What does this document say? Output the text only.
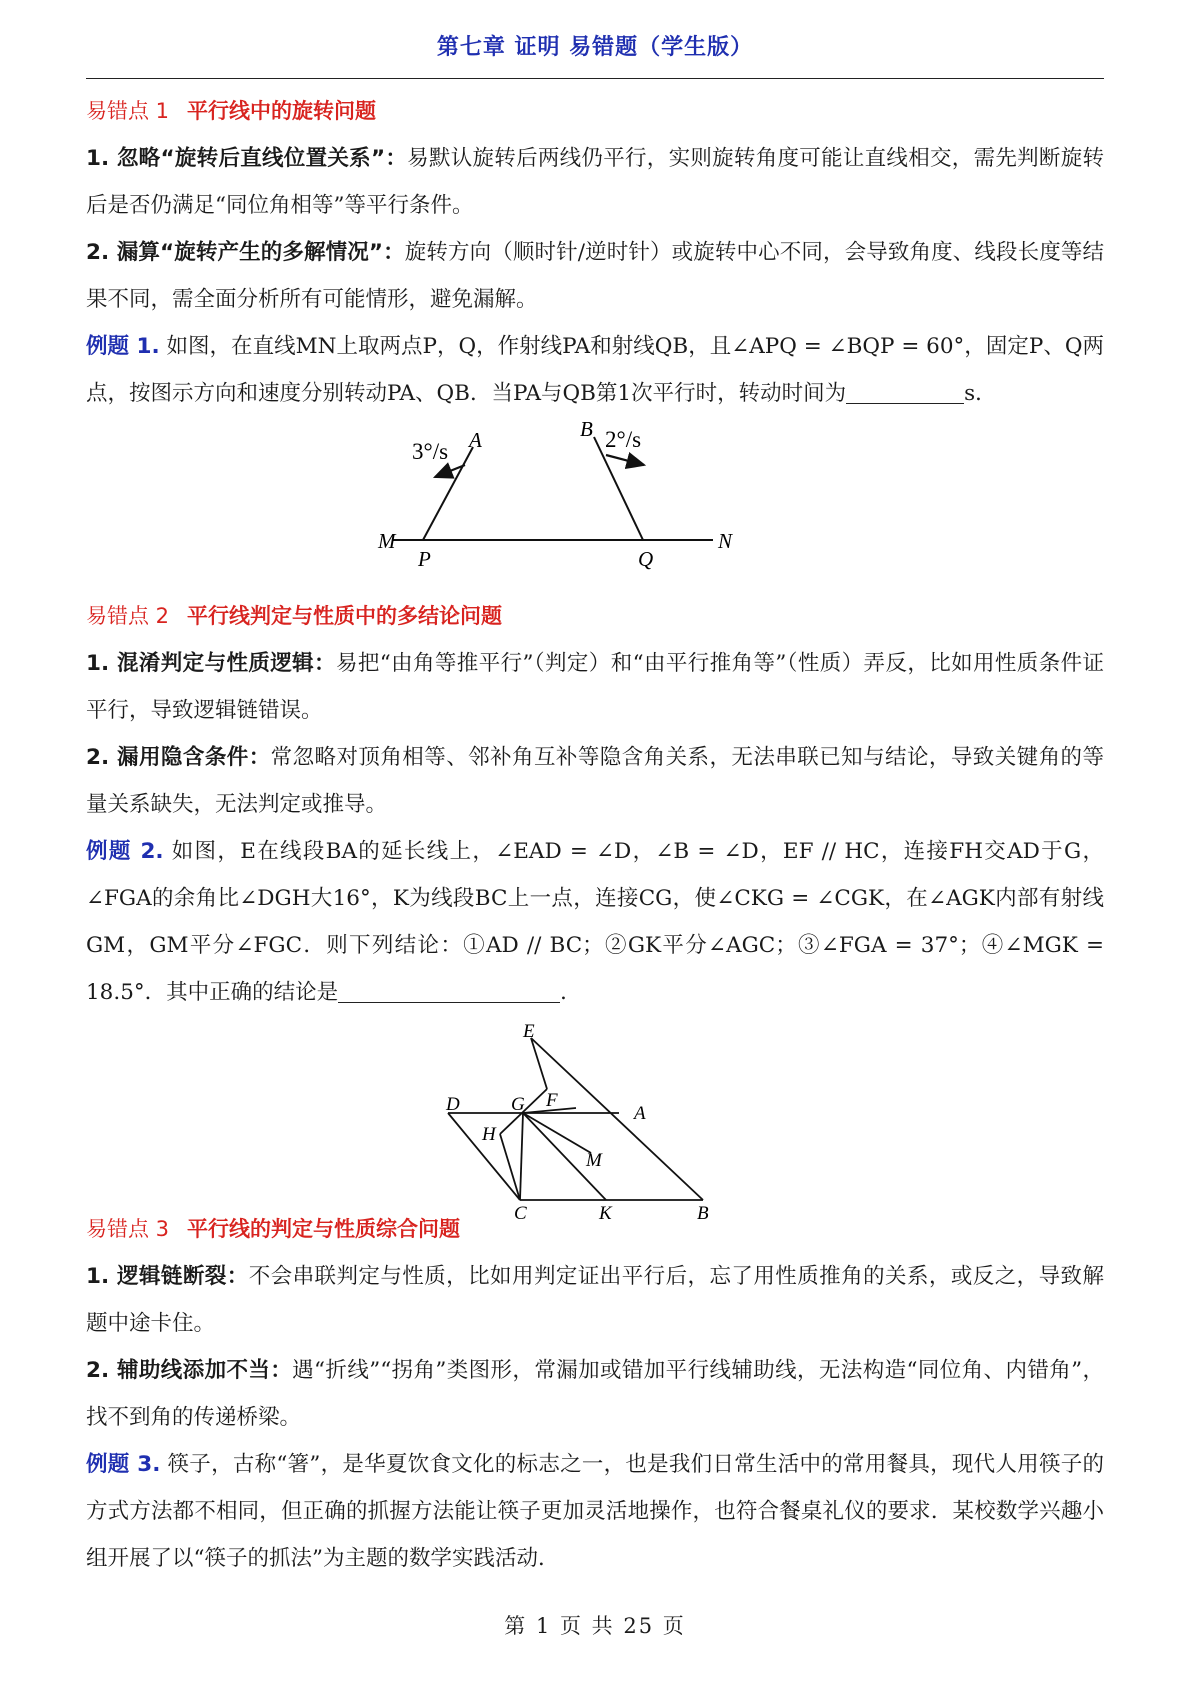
第七章 证明 易错题（学生版）

易错点 1 平行线中的旋转问题

1. 忽略“旋转后直线位置关系”：易默认旋转后两线仍平行，实则旋转角度可能让直线相交，需先判断旋转后是否仍满足“同位角相等”等平行条件。

2. 漏算“旋转产生的多解情况”：旋转方向（顺时针/逆时针）或旋转中心不同，会导致角度、线段长度等结果不同，需全面分析所有可能情形，避免漏解。

例题 1. 如图，在直线MN上取两点P，Q，作射线PA和射线QB，且∠APQ = ∠BQP = 60°，固定P、Q两点，按图示方向和速度分别转动PA、QB．当PA与QB第1次平行时，转动时间为	s．

M	N
P	Q
A	B
3°/s	2°/s

易错点 2 平行线判定与性质中的多结论问题

1. 混淆判定与性质逻辑：易把“由角等推平行”（判定）和“由平行推角等”（性质）弄反，比如用性质条件证平行，导致逻辑链错误。

2. 漏用隐含条件：常忽略对顶角相等、邻补角互补等隐含角关系，无法串联已知与结论，导致关键角的等量关系缺失，无法判定或推导。

例题 2. 如图，E在线段BA的延长线上，∠EAD = ∠D，∠B = ∠D，EF // HC，连接FH交AD于G，∠FGA的余角比∠DGH大16°，K为线段BC上一点，连接CG，使∠CKG = ∠CGK，在∠AGK内部有射线GM，GM平分∠FGC．则下列结论：①AD // BC；②GK平分∠AGC；③∠FGA = 37°；④∠MGK = 18.5°．其中正确的结论是	．

E
D	G F
A
H
M
C	K	B

易错点 3 平行线的判定与性质综合问题

1. 逻辑链断裂：不会串联判定与性质，比如用判定证出平行后，忘了用性质推角的关系，或反之，导致解题中途卡住。

2. 辅助线添加不当：遇“折线”“拐角”类图形，常漏加或错加平行线辅助线，无法构造“同位角、内错角”，找不到角的传递桥梁。

例题 3. 筷子，古称“箸”，是华夏饮食文化的标志之一，也是我们日常生活中的常用餐具，现代人用筷子的方式方法都不相同，但正确的抓握方法能让筷子更加灵活地操作，也符合餐桌礼仪的要求．某校数学兴趣小组开展了以“筷子的抓法”为主题的数学实践活动．

第 1 页 共 25 页
